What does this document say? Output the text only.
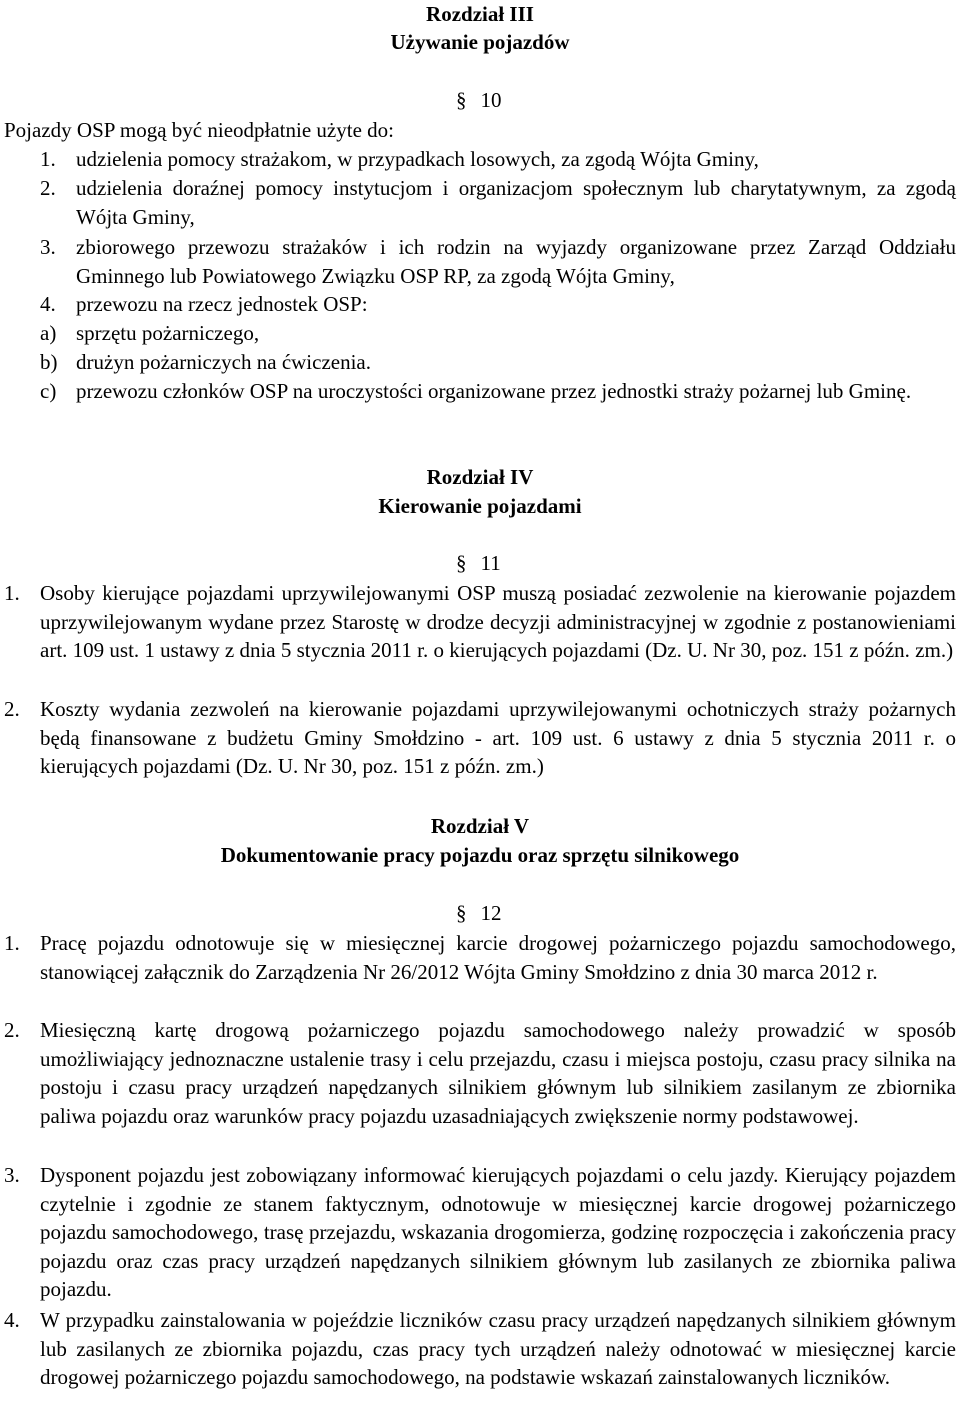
Rozdział III
Używanie pojazdów
§ 10
Pojazdy OSP mogą być nieodpłatnie użyte do:
1. udzielenia pomocy strażakom, w przypadkach losowych, za zgodą Wójta Gminy,
2. udzielenia doraźnej pomocy instytucjom i organizacjom społecznym lub charytatywnym, za zgodą Wójta Gminy,
3. zbiorowego przewozu strażaków i ich rodzin na wyjazdy organizowane przez Zarząd Oddziału Gminnego lub Powiatowego Związku OSP RP, za zgodą Wójta Gminy,
4. przewozu na rzecz jednostek OSP:
a) sprzętu pożarniczego,
b) drużyn pożarniczych na ćwiczenia.
c) przewozu członków OSP na uroczystości organizowane przez jednostki straży pożarnej lub Gminę.
Rozdział IV
Kierowanie pojazdami
§ 11
1. Osoby kierujące pojazdami uprzywilejowanymi OSP muszą posiadać zezwolenie na kierowanie pojazdem uprzywilejowanym wydane przez Starostę w drodze decyzji administracyjnej w zgodnie z postanowieniami art. 109 ust. 1 ustawy z dnia 5 stycznia 2011 r. o kierujących pojazdami (Dz. U. Nr 30, poz. 151 z późn. zm.)
2. Koszty wydania zezwoleń na kierowanie pojazdami uprzywilejowanymi ochotniczych straży pożarnych będą finansowane z budżetu Gminy Smołdzino - art. 109 ust. 6 ustawy z dnia 5 stycznia 2011 r. o kierujących pojazdami (Dz. U. Nr 30, poz. 151 z późn. zm.)
Rozdział V
Dokumentowanie pracy pojazdu oraz sprzętu silnikowego
§ 12
1. Pracę pojazdu odnotowuje się w miesięcznej karcie drogowej pożarniczego pojazdu samochodowego, stanowiącej załącznik do Zarządzenia Nr 26/2012 Wójta Gminy Smołdzino z dnia 30 marca 2012 r.
2. Miesięczną kartę drogową pożarniczego pojazdu samochodowego należy prowadzić w sposób umożliwiający jednoznaczne ustalenie trasy i celu przejazdu, czasu i miejsca postoju, czasu pracy silnika na postoju i czasu pracy urządzeń napędzanych silnikiem głównym lub silnikiem zasilanym ze zbiornika paliwa pojazdu oraz warunków pracy pojazdu uzasadniających zwiększenie normy podstawowej.
3. Dysponent pojazdu jest zobowiązany informować kierujących pojazdami o celu jazdy. Kierujący pojazdem czytelnie i zgodnie ze stanem faktycznym, odnotowuje w miesięcznej karcie drogowej pożarniczego pojazdu samochodowego, trasę przejazdu, wskazania drogomierza, godzinę rozpoczęcia i zakończenia pracy pojazdu oraz czas pracy urządzeń napędzanych silnikiem głównym lub zasilanych ze zbiornika paliwa pojazdu.
4. W przypadku zainstalowania w pojeździe liczników czasu pracy urządzeń napędzanych silnikiem głównym lub zasilanych ze zbiornika pojazdu, czas pracy tych urządzeń należy odnotować w miesięcznej karcie drogowej pożarniczego pojazdu samochodowego, na podstawie wskazań zainstalowanych liczników.
